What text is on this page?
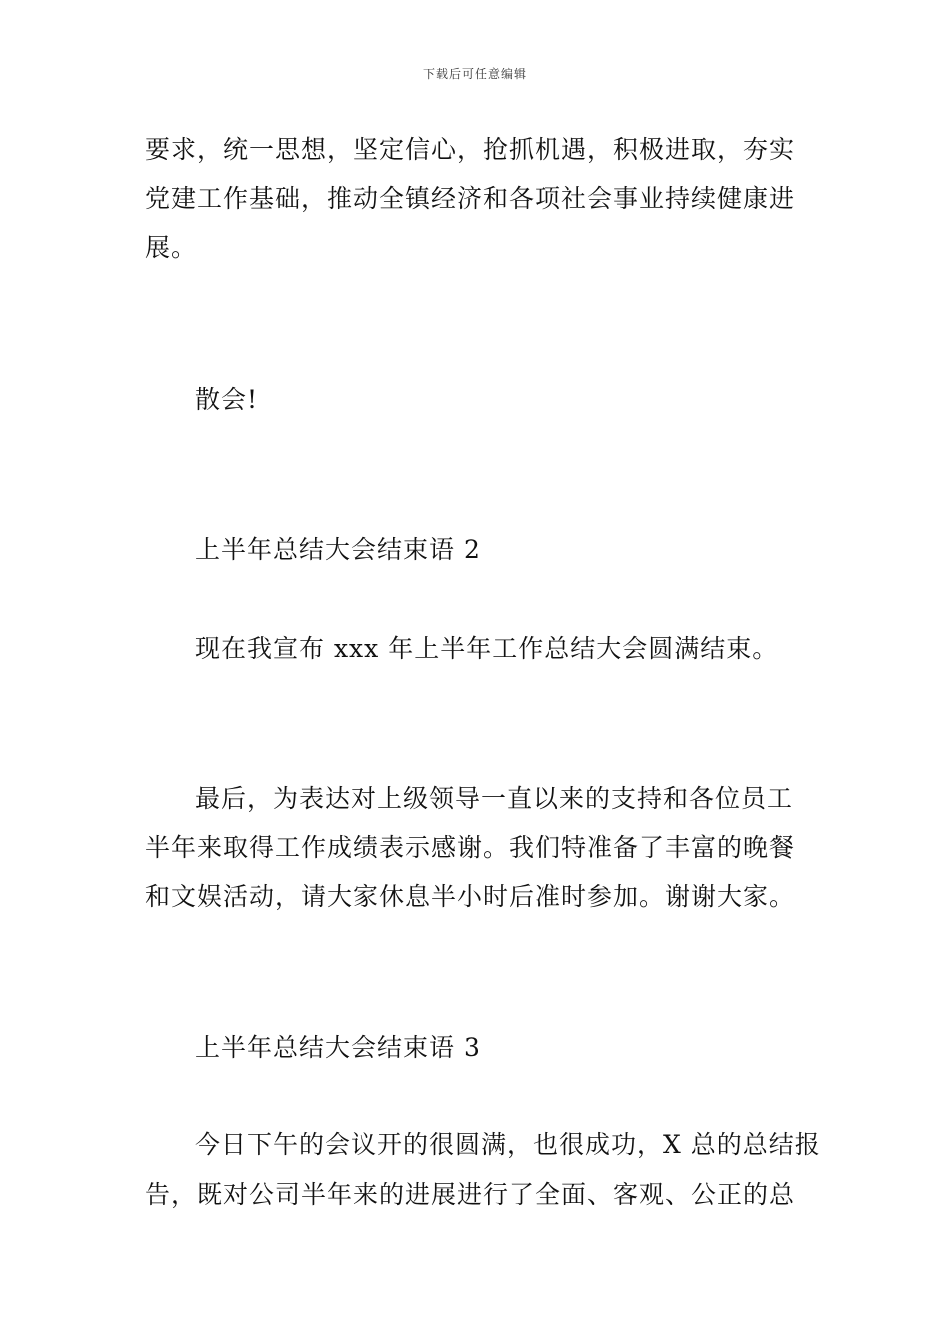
下载后可任意编辑
要求，统一思想，坚定信心，抢抓机遇，积极进取，夯实
党建工作基础，推动全镇经济和各项社会事业持续健康进
展。
散会!
上半年总结大会结束语 2
现在我宣布 xxx 年上半年工作总结大会圆满结束。
最后，为表达对上级领导一直以来的支持和各位员工
半年来取得工作成绩表示感谢。我们特准备了丰富的晚餐
和文娱活动，请大家休息半小时后准时参加。谢谢大家。
上半年总结大会结束语 3
今日下午的会议开的很圆满，也很成功，X 总的总结报
告，既对公司半年来的进展进行了全面、客观、公正的总
